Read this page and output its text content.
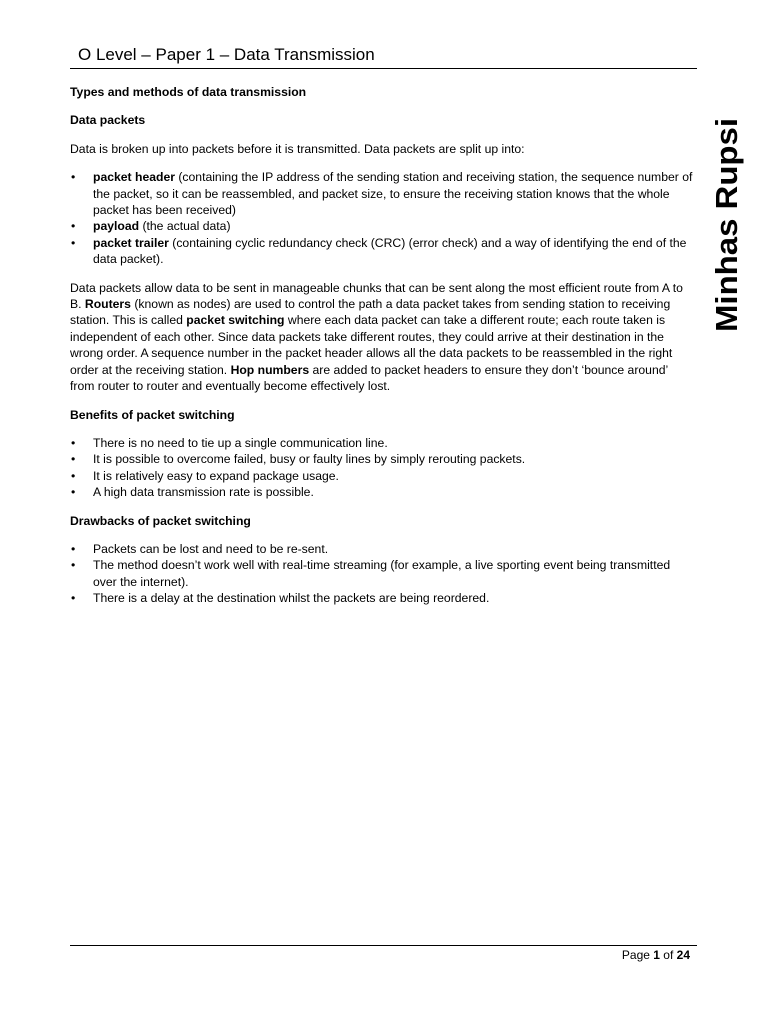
O Level – Paper 1 – Data Transmission
Minhas Rupsi

Types and methods of data transmission

Data packets

Data is broken up into packets before it is transmitted. Data packets are split up into:

• packet header (containing the IP address of the sending station and receiving station, the sequence number of the packet, so it can be reassembled, and packet size, to ensure the receiving station knows that the whole packet has been received)
• payload (the actual data)
• packet trailer (containing cyclic redundancy check (CRC) (error check) and a way of identifying the end of the data packet).

Data packets allow data to be sent in manageable chunks that can be sent along the most efficient route from A to B. Routers (known as nodes) are used to control the path a data packet takes from sending station to receiving station. This is called packet switching where each data packet can take a different route; each route taken is independent of each other. Since data packets take different routes, they could arrive at their destination in the wrong order. A sequence number in the packet header allows all the data packets to be reassembled in the right order at the receiving station. Hop numbers are added to packet headers to ensure they don’t ‘bounce around’ from router to router and eventually become effectively lost.

Benefits of packet switching

• There is no need to tie up a single communication line.
• It is possible to overcome failed, busy or faulty lines by simply rerouting packets.
• It is relatively easy to expand package usage.
• A high data transmission rate is possible.

Drawbacks of packet switching

• Packets can be lost and need to be re-sent.
• The method doesn’t work well with real-time streaming (for example, a live sporting event being transmitted over the internet).
• There is a delay at the destination whilst the packets are being reordered.
Page 1 of 24
